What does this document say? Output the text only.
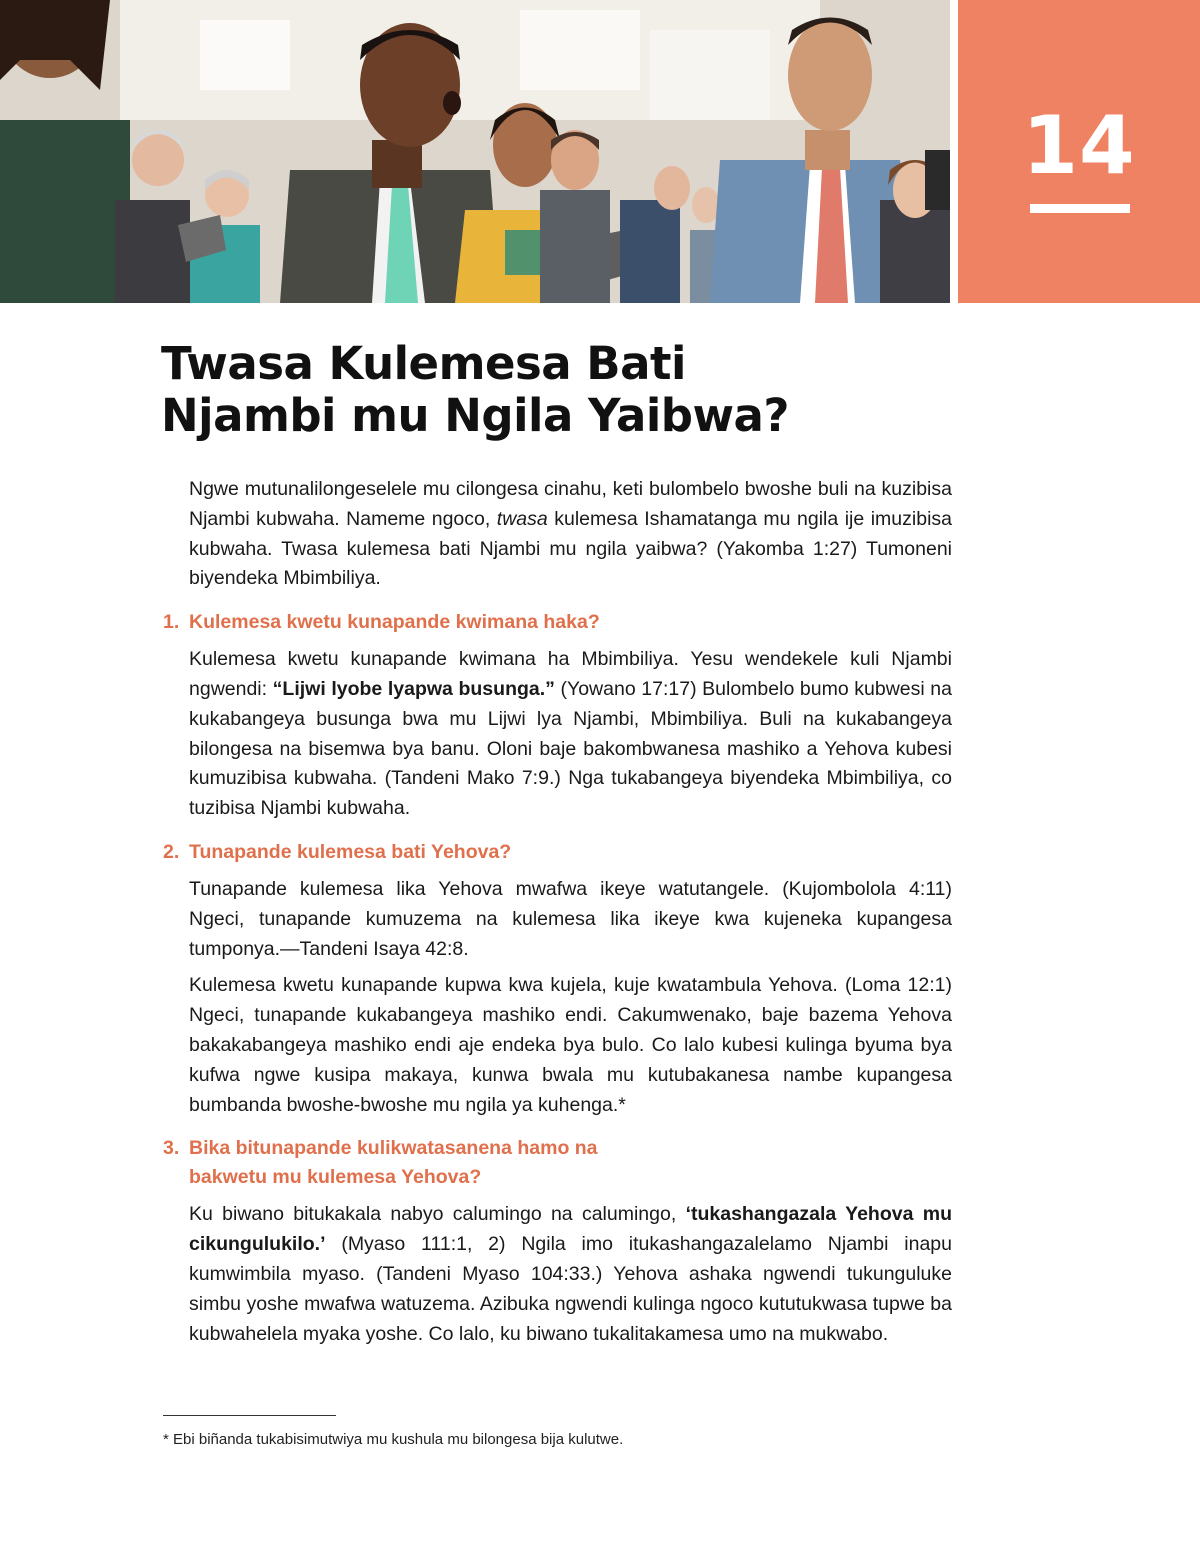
14
Twasa Kulemesa Bati
Njambi mu Ngila Yaibwa?

Ngwe mutunalilongeselele mu cilongesa cinahu, keti bulombelo bwoshe buli na kuzibisa Njambi kubwaha. Nameme ngoco, twasa kulemesa Ishamatanga mu ngila ije imuzibisa kubwaha. Twasa kulemesa bati Njambi mu ngila yaibwa? (Yakomba 1:27) Tumoneni biyendeka Mbimbiliya.

1. Kulemesa kwetu kunapande kwimana haka?

Kulemesa kwetu kunapande kwimana ha Mbimbiliya. Yesu wendekele kuli Njambi ngwendi: “Lijwi lyobe lyapwa busunga.” (Yowano 17:17) Bulombelo bumo kubwesi na kukabangeya busunga bwa mu Lijwi lya Njambi, Mbimbiliya. Buli na kukabangeya bilongesa na bisemwa bya banu. Oloni baje bakombwanesa mashiko a Yehova kubesi kumuzibisa kubwaha. (Tandeni Mako 7:9.) Nga tukabangeya biyendeka Mbimbiliya, co tuzibisa Njambi kubwaha.

2. Tunapande kulemesa bati Yehova?

Tunapande kulemesa lika Yehova mwafwa ikeye watutangele. (Kujombolola 4:11) Ngeci, tunapande kumuzema na kulemesa lika ikeye kwa kujeneka kupangesa tumponya.—Tandeni Isaya 42:8.

Kulemesa kwetu kunapande kupwa kwa kujela, kuje kwatambula Yehova. (Loma 12:1) Ngeci, tunapande kukabangeya mashiko endi. Cakumwenako, baje bazema Yehova bakakabangeya mashiko endi aje endeka bya bulo. Co lalo kubesi kulinga byuma bya kufwa ngwe kusipa makaya, kunwa bwala mu kutubakanesa nambe kupangesa bumbanda bwoshe-bwoshe mu ngila ya kuhenga.*

3. Bika bitunapande kulikwatasanena hamo na
bakwetu mu kulemesa Yehova?

Ku biwano bitukakala nabyo calumingo na calumingo, ‘tukashangazala Yehova mu cikungulukilo.’ (Myaso 111:1, 2) Ngila imo itukashangazalelamo Njambi inapu kumwimbila myaso. (Tandeni Myaso 104:33.) Yehova ashaka ngwendi tukunguluke simbu yoshe mwafwa watuzema. Azibuka ngwendi kulinga ngoco kututukwasa tupwe ba kubwahelela myaka yoshe. Co lalo, ku biwano tukalitakamesa umo na mukwabo.

* Ebi biñanda tukabisimutwiya mu kushula mu bilongesa bija kulutwe.
